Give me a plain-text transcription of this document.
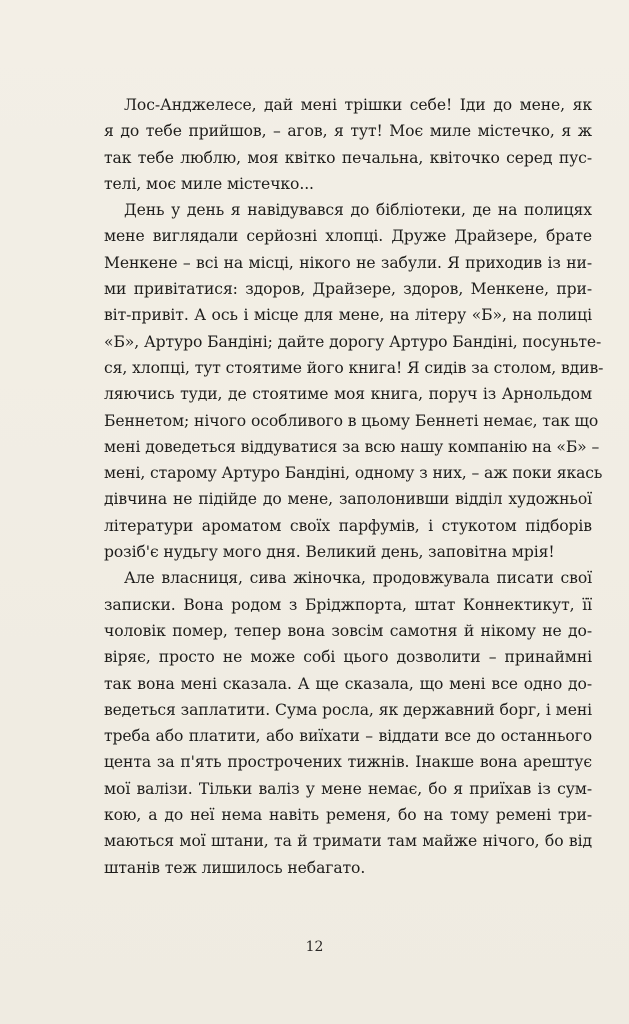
Лос-Анджелесе, дай мені трішки себе! Іди до мене, як
я до тебе прийшов, – агов, я тут! Моє миле містечко, я ж
так тебе люблю, моя квітко печальна, квіточко серед пус-
телі, моє миле містечко...
День у день я навідувався до бібліотеки, де на полицях
мене виглядали серйозні хлопці. Друже Драйзере, брате
Менкене – всі на місці, нікого не забули. Я приходив із ни-
ми привітатися: здоров, Драйзере, здоров, Менкене, при-
віт-привіт. А ось і місце для мене, на літеру «Б», на полиці
«Б», Артуро Бандіні; дайте дорогу Артуро Бандіні, посуньте-
ся, хлопці, тут стоятиме його книга! Я сидів за столом, вдив-
ляючись туди, де стоятиме моя книга, поруч із Арнольдом
Беннетом; нічого особливого в цьому Беннеті немає, так що
мені доведеться віддуватися за всю нашу компанію на «Б» –
мені, старому Артуро Бандіні, одному з них, – аж поки якась
дівчина не підійде до мене, заполонивши відділ художньої
літератури ароматом своїх парфумів, і стукотом підборів
розіб'є нудьгу мого дня. Великий день, заповітна мрія!
Але власниця, сива жіночка, продовжувала писати свої
записки. Вона родом з Бріджпорта, штат Коннектикут, її
чоловік помер, тепер вона зовсім самотня й нікому не до-
віряє, просто не може собі цього дозволити – принаймні
так вона мені сказала. А ще сказала, що мені все одно до-
ведеться заплатити. Сума росла, як державний борг, і мені
треба або платити, або виїхати – віддати все до останнього
цента за п'ять прострочених тижнів. Інакше вона арештує
мої валізи. Тільки валіз у мене немає, бо я приїхав із сум-
кою, а до неї нема навіть ременя, бо на тому ремені три-
маються мої штани, та й тримати там майже нічого, бо від
штанів теж лишилось небагато.
12
